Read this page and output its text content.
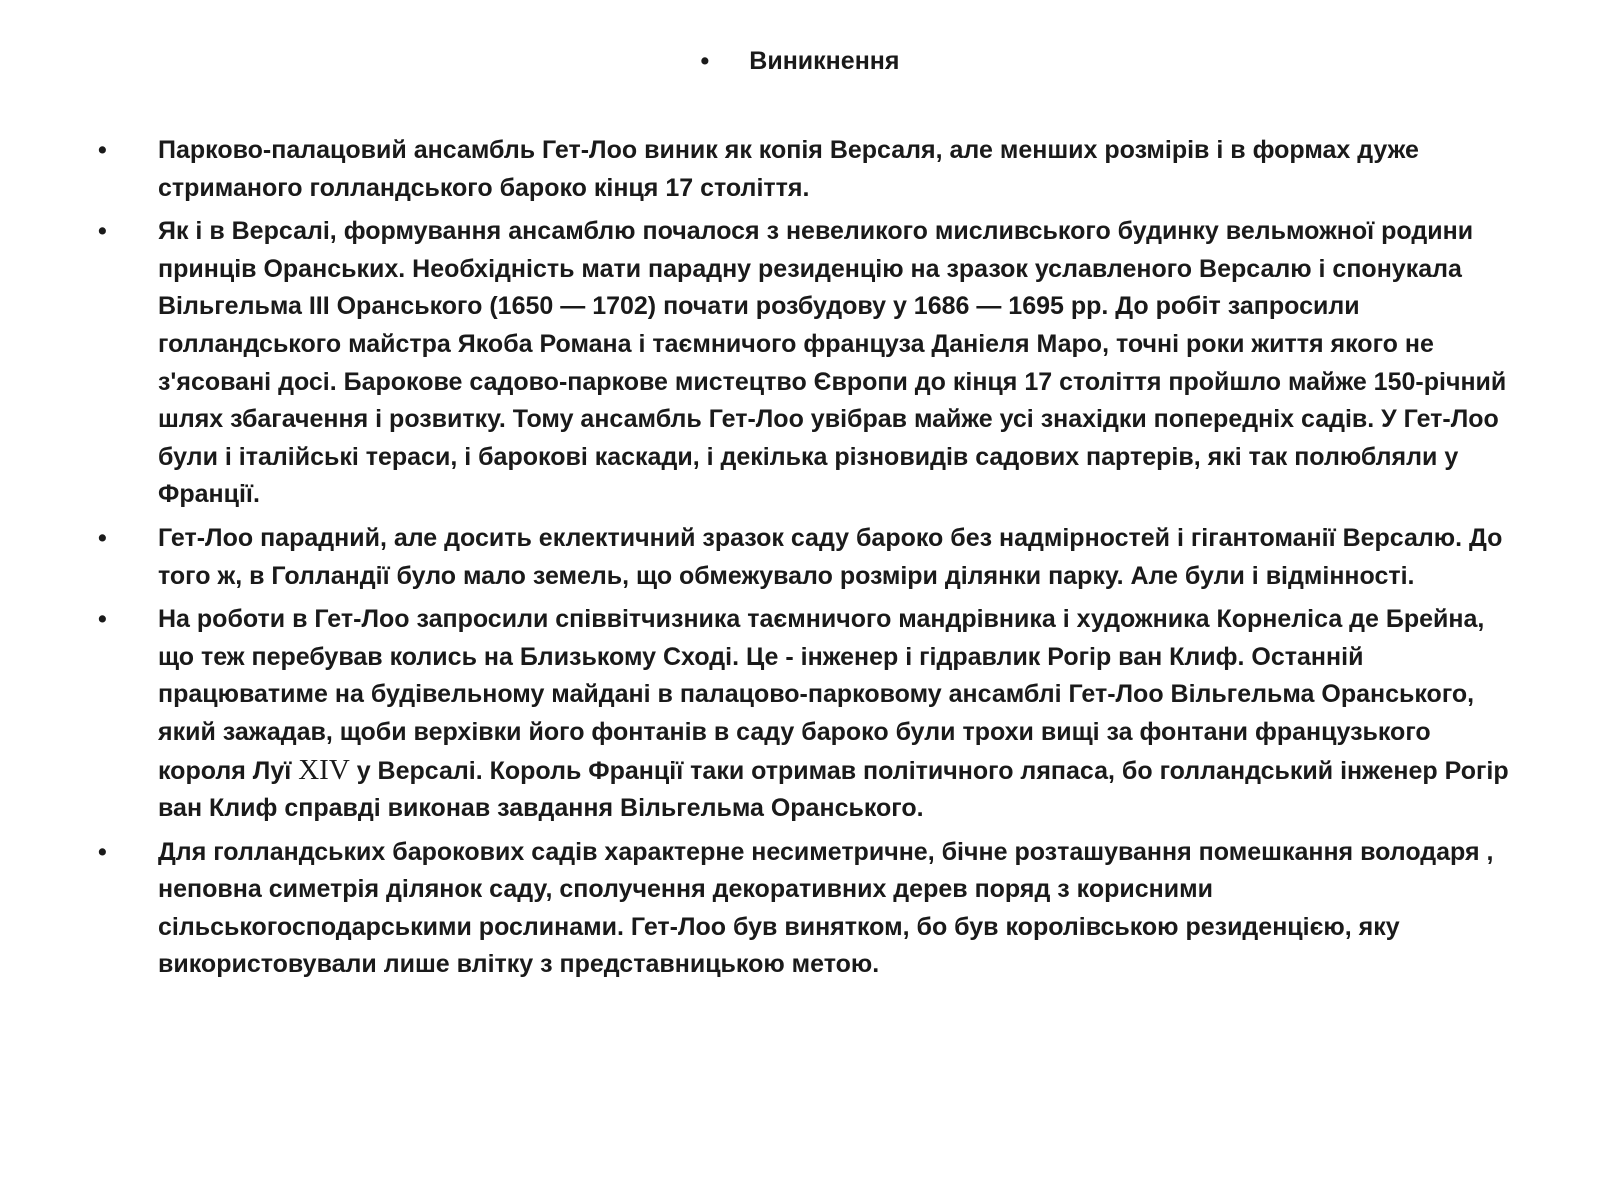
• Виникнення
• Парково-палацовий ансамбль Гет-Лоо виник як копія Версаля, але менших розмірів і в формах дуже стриманого голландського бароко кінця 17 століття.
• Як і в Версалі, формування ансамблю почалося з невеликого мисливського будинку вельможної родини принців Оранських. Необхідність мати парадну резиденцію на зразок уславленого Версалю і спонукала Вільгельма III Оранського (1650 — 1702) почати розбудову у 1686 — 1695 рр. До робіт запросили голландського майстра Якоба Романа і таємничого француза Даніеля Маро, точні роки життя якого не з'ясовані досі. Барокове садово-паркове мистецтво Європи до кінця 17 століття пройшло майже 150-річний шлях збагачення і розвитку. Тому ансамбль Гет-Лоо увібрав майже усі знахідки попередніх садів. У Гет-Лоо були і італійські тераси, і барокові каскади, і декілька різновидів садових партерів, які так полюбляли у Франції.
• Гет-Лоо парадний, але досить еклектичний зразок саду бароко без надмірностей і гігантоманії Версалю. До того ж, в Голландії було мало земель, що обмежувало розміри ділянки парку. Але були і відмінності.
• На роботи в Гет-Лоо запросили співвітчизника таємничого мандрівника і художника Корнеліса де Брейна, що теж перебував колись на Близькому Сході. Це - інженер і гідравлик Рогір ван Клиф. Останній працюватиме на будівельному майдані в палацово-парковому ансамблі Гет-Лоо Вільгельма Оранського, який зажадав, щоби верхівки його фонтанів в саду бароко були трохи вищі за фонтани французького короля Луї XIV у Версалі. Король Франції таки отримав політичного ляпаса, бо голландський інженер Рогір ван Клиф справді виконав завдання Вільгельма Оранського.
• Для голландських барокових садів характерне несиметричне, бічне розташування помешкання володаря , неповна симетрія ділянок саду, сполучення декоративних дерев поряд з корисними сільськогосподарськими рослинами. Гет-Лоо був винятком, бо був королівською резиденцією, яку використовували лише влітку з представницькою метою.
